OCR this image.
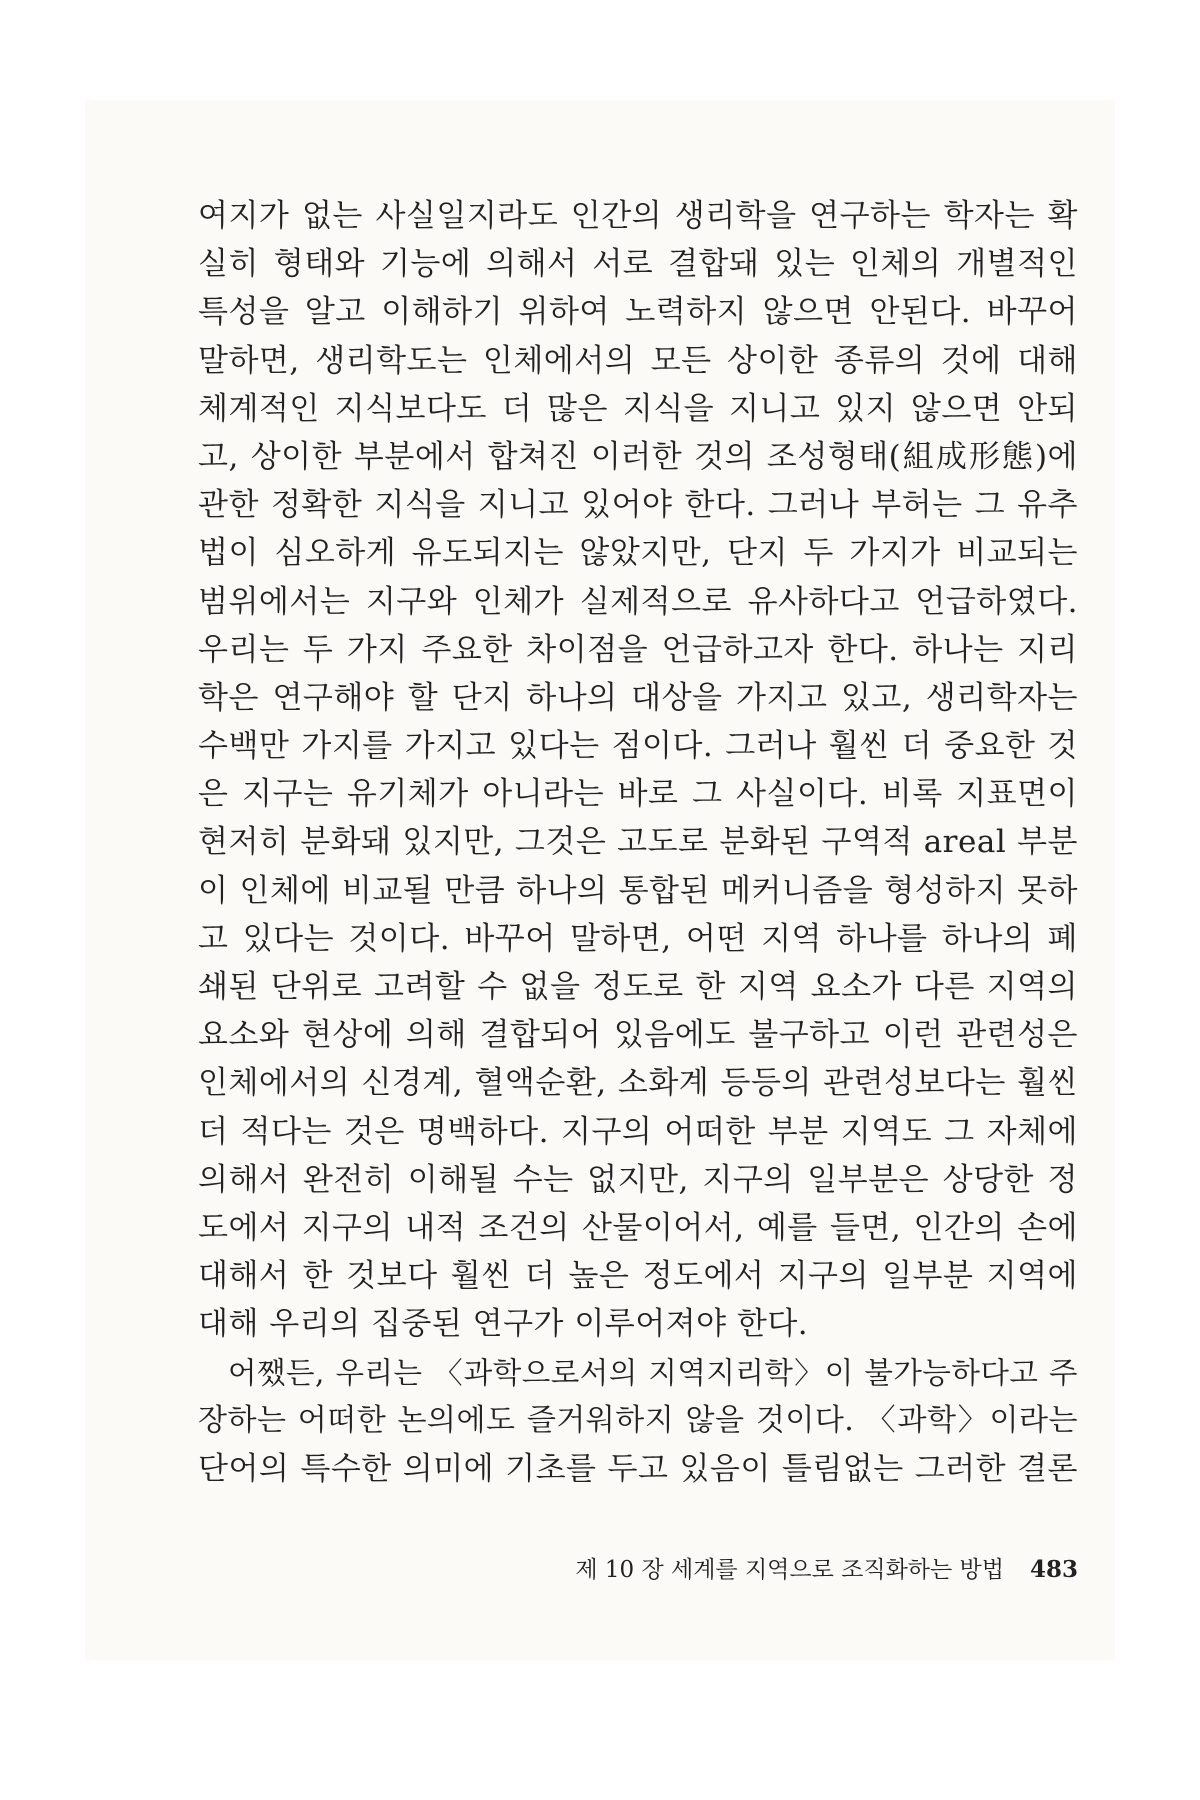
여지가 없는 사실일지라도 인간의 생리학을 연구하는 학자는 확
실히 형태와 기능에 의해서 서로 결합돼 있는 인체의 개별적인
특성을 알고 이해하기 위하여 노력하지 않으면 안된다. 바꾸어
말하면, 생리학도는 인체에서의 모든 상이한 종류의 것에 대해
체계적인 지식보다도 더 많은 지식을 지니고 있지 않으면 안되
고, 상이한 부분에서 합쳐진 이러한 것의 조성형태(組成形態)에
관한 정확한 지식을 지니고 있어야 한다. 그러나 부허는 그 유추
법이 심오하게 유도되지는 않았지만, 단지 두 가지가 비교되는
범위에서는 지구와 인체가 실제적으로 유사하다고 언급하였다.
우리는 두 가지 주요한 차이점을 언급하고자 한다. 하나는 지리
학은 연구해야 할 단지 하나의 대상을 가지고 있고, 생리학자는
수백만 가지를 가지고 있다는 점이다. 그러나 훨씬 더 중요한 것
은 지구는 유기체가 아니라는 바로 그 사실이다. 비록 지표면이
현저히 분화돼 있지만, 그것은 고도로 분화된 구역적 areal 부분
이 인체에 비교될 만큼 하나의 통합된 메커니즘을 형성하지 못하
고 있다는 것이다. 바꾸어 말하면, 어떤 지역 하나를 하나의 폐
쇄된 단위로 고려할 수 없을 정도로 한 지역 요소가 다른 지역의
요소와 현상에 의해 결합되어 있음에도 불구하고 이런 관련성은
인체에서의 신경계, 혈액순환, 소화계 등등의 관련성보다는 훨씬
더 적다는 것은 명백하다. 지구의 어떠한 부분 지역도 그 자체에
의해서 완전히 이해될 수는 없지만, 지구의 일부분은 상당한 정
도에서 지구의 내적 조건의 산물이어서, 예를 들면, 인간의 손에
대해서 한 것보다 훨씬 더 높은 정도에서 지구의 일부분 지역에
대해 우리의 집중된 연구가 이루어져야 한다.
어쨌든, 우리는 〈과학으로서의 지역지리학〉이 불가능하다고 주
장하는 어떠한 논의에도 즐거워하지 않을 것이다. 〈과학〉이라는
단어의 특수한 의미에 기초를 두고 있음이 틀림없는 그러한 결론
제 10 장 세계를 지역으로 조직화하는 방법 483
